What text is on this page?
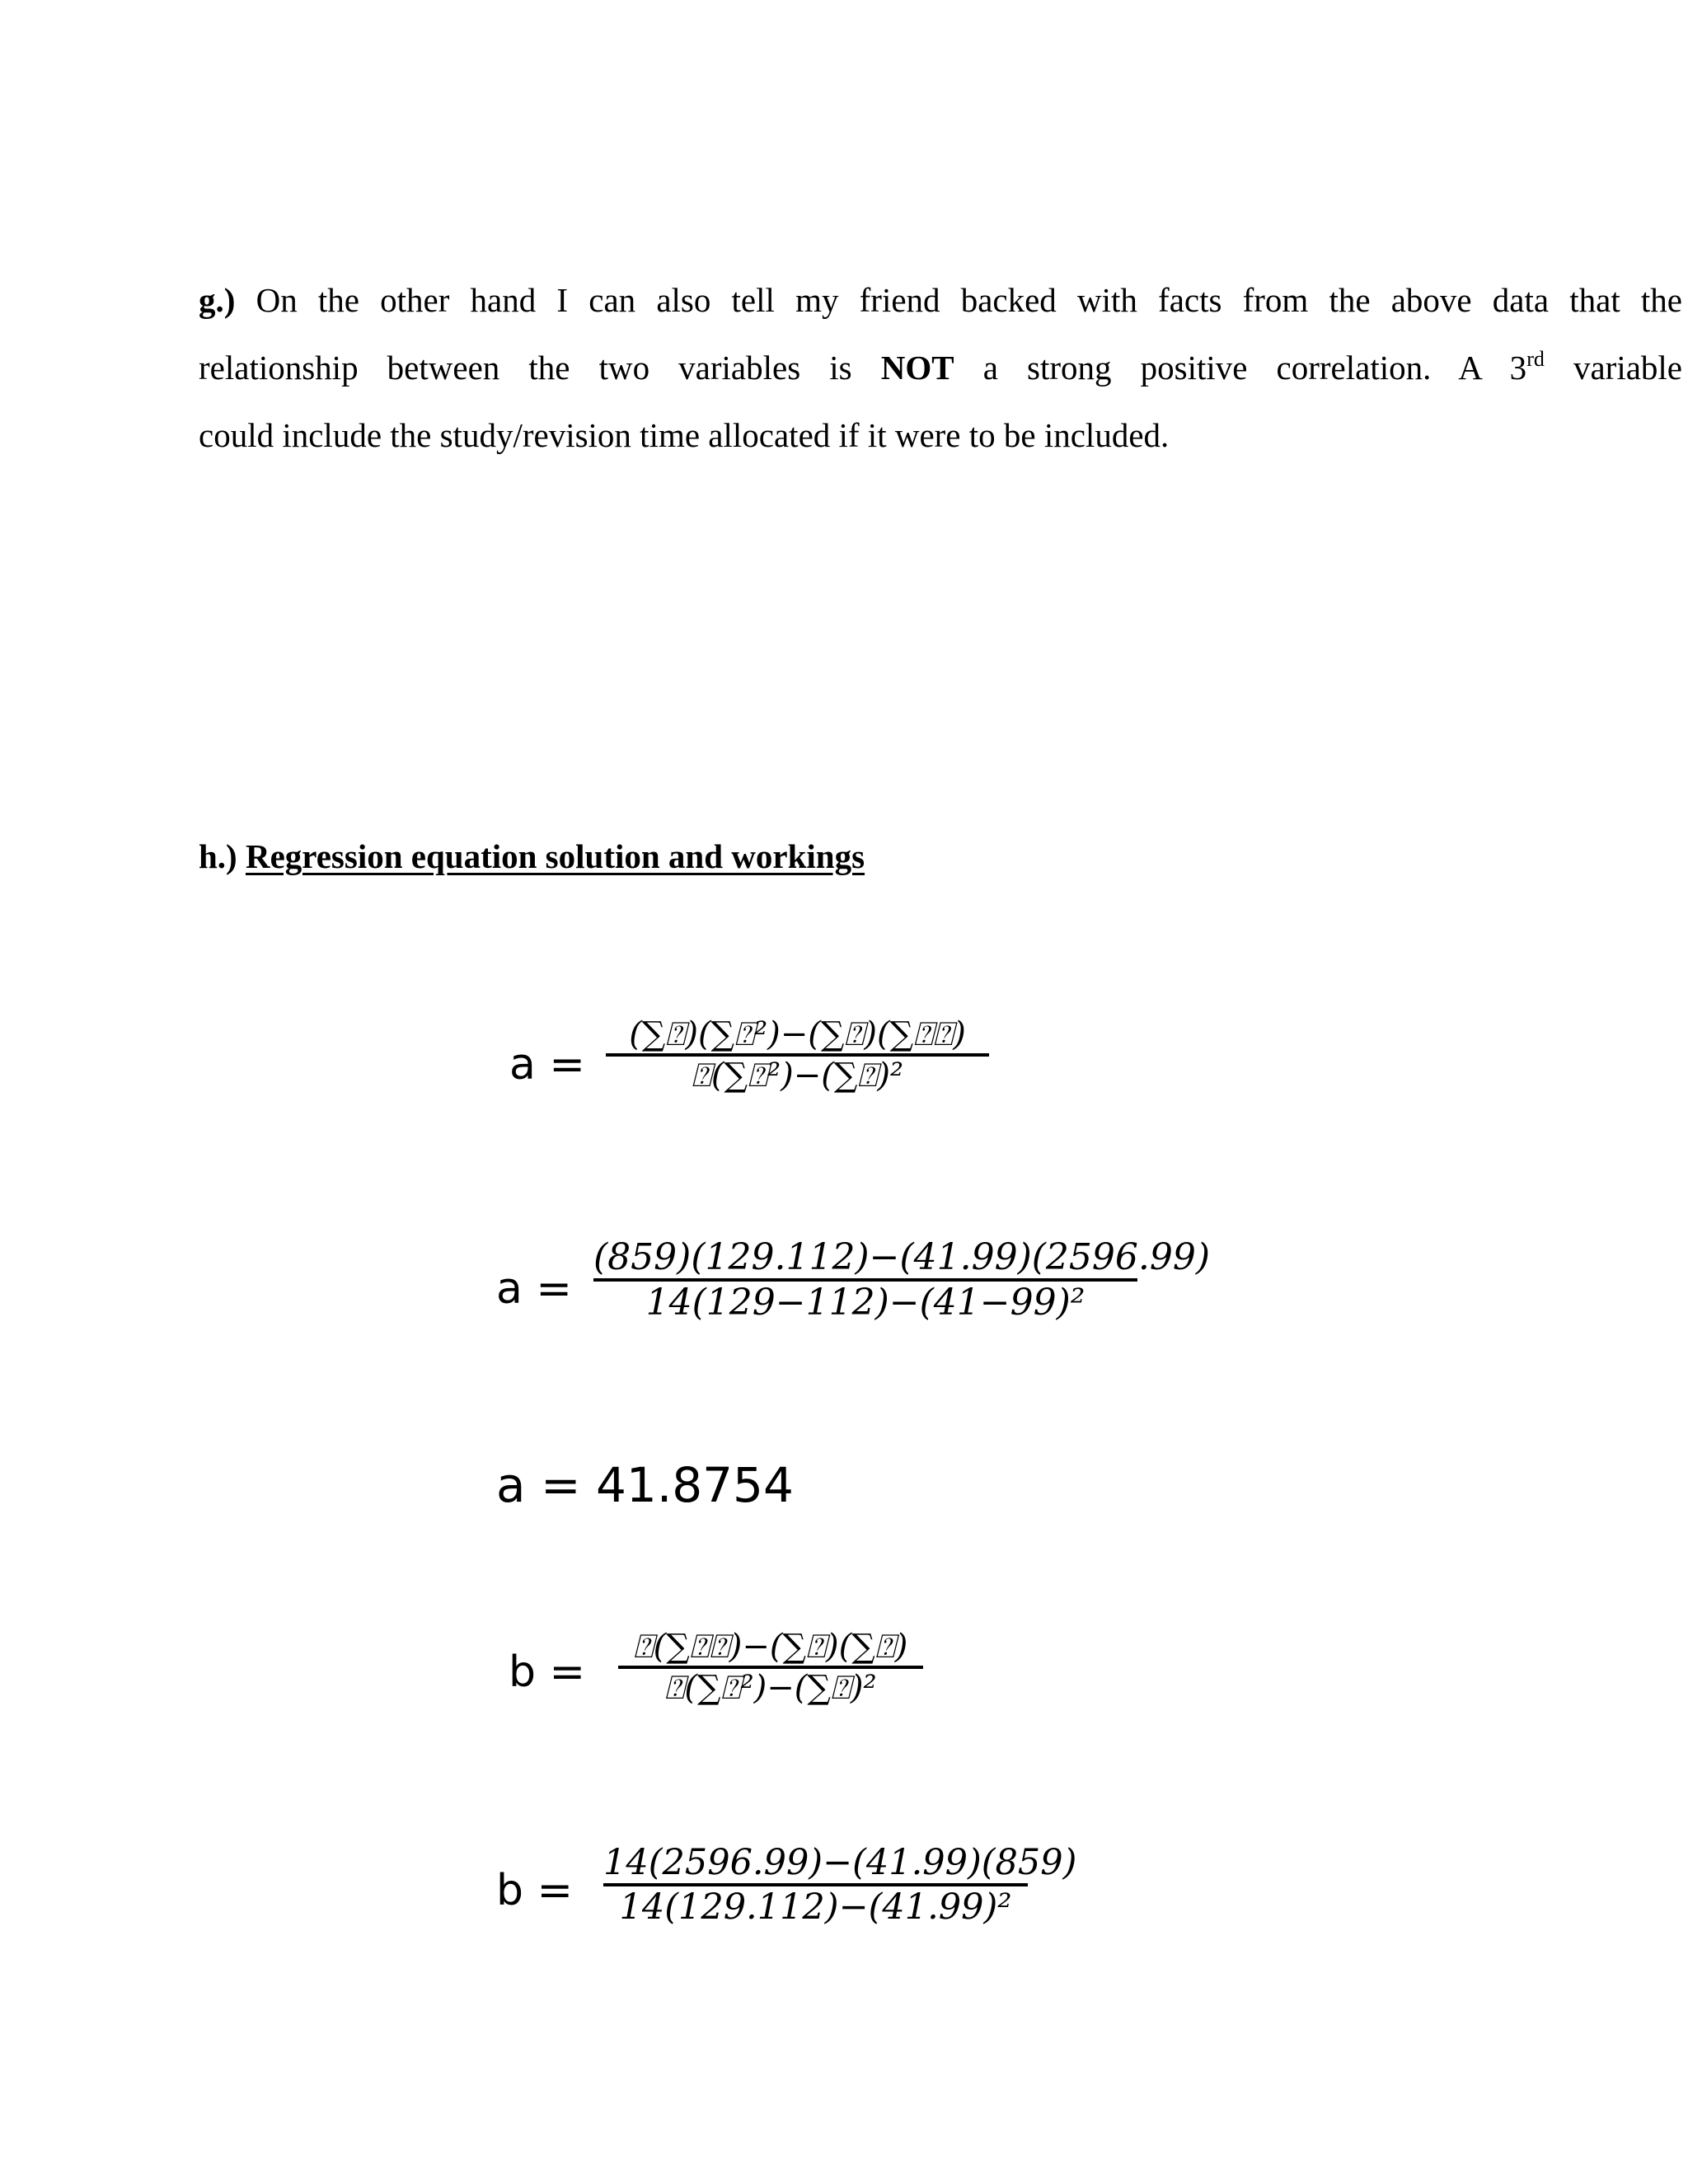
g.) On the other hand I can also tell my friend backed with facts from the above data that the
relationship between the two variables is NOT a strong positive correlation. A 3rd variable
could include the study/revision time allocated if it were to be included.
h.) Regression equation solution and workings
a =
(∑⍰)(∑⍰²)−(∑⍰)(∑⍰⍰)
⍰(∑⍰²)−(∑⍰)²
a =
(859)(129.112)−(41.99)(2596.99)
14(129−112)−(41−99)²
a = 41.8754
b =
⍰(∑⍰⍰)−(∑⍰)(∑⍰)
⍰(∑⍰²)−(∑⍰)²
b =
14(2596.99)−(41.99)(859)
14(129.112)−(41.99)²
